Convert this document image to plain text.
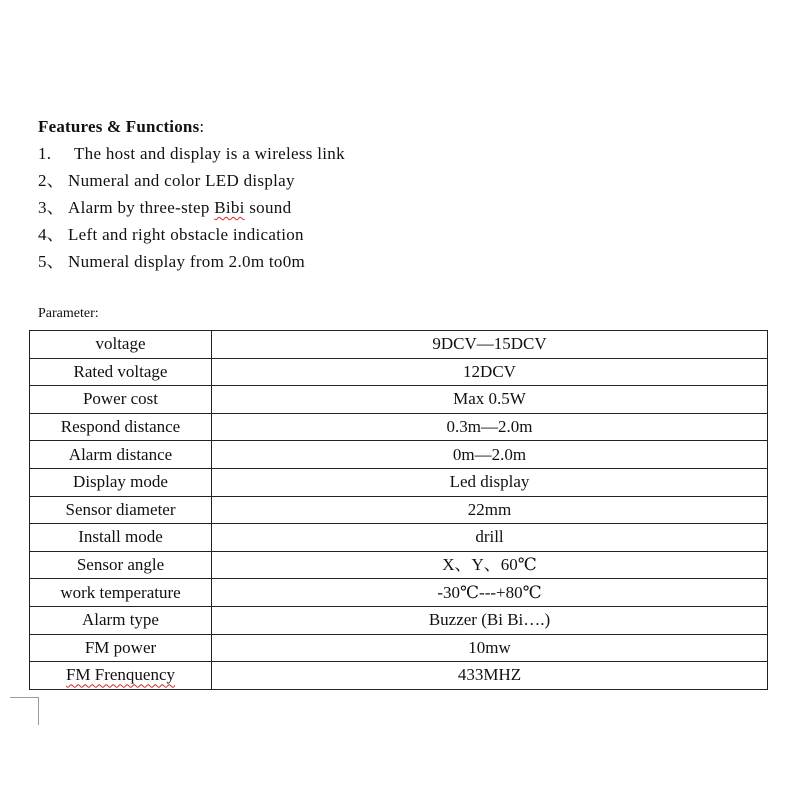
Features & Functions:
1. The host and display is a wireless link
2、 Numeral and color LED display
3、 Alarm by three-step Bibi sound
4、 Left and right obstacle indication
5、 Numeral display from 2.0m to0m
Parameter:
voltage	9DCV—15DCV
Rated voltage	12DCV
Power cost	Max 0.5W
Respond distance	0.3m—2.0m
Alarm distance	0m—2.0m
Display mode	Led display
Sensor diameter	22mm
Install mode	drill
Sensor angle	X、Y、60℃
work temperature	-30℃---+80℃
Alarm type	Buzzer (Bi Bi….)
FM power	10mw
FM Frenquency	433MHZ
